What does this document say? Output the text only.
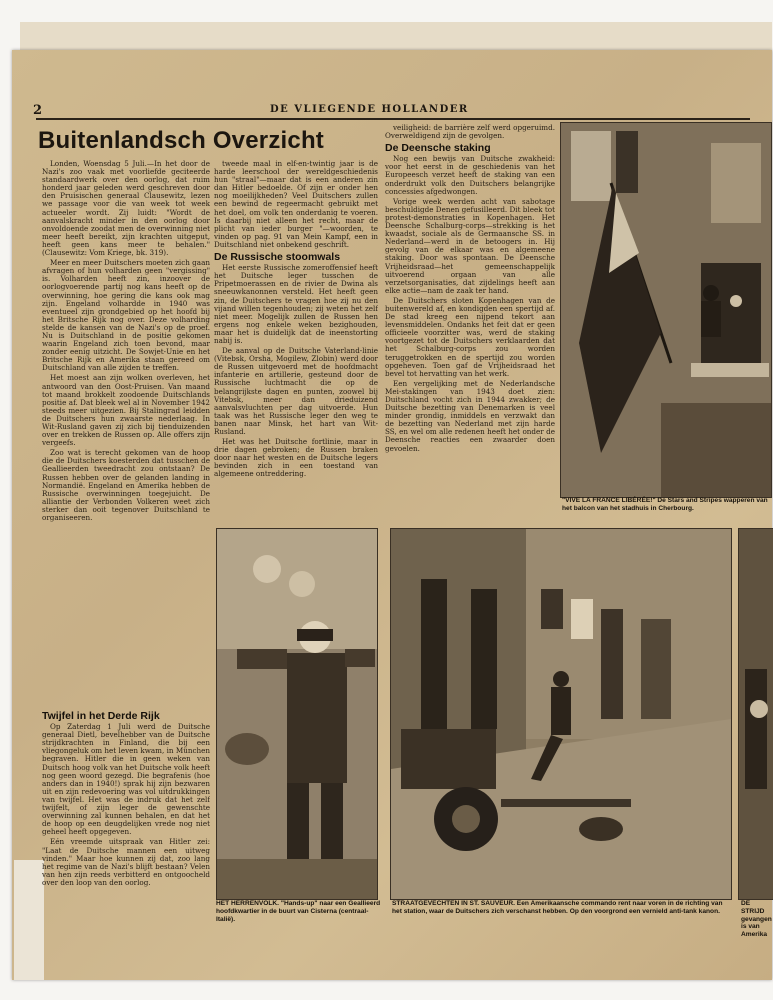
2	DE VLIEGENDE HOLLANDER
Buitenlandsch Overzicht

Londen, Woensdag 5 Juli.—In het door de Nazi's zoo vaak met voorliefde geciteerde standaardwerk over den oorlog, dat ruim honderd jaar geleden werd geschreven door den Pruisischen generaal Clausewitz, lezen we passage voor die van week tot week actueeler wordt. Zij luidt: "Wordt de aanvalskracht minder in den oorlog door onvoldoende zoodat men de overwinning niet meer heeft bereikt, zijn krachten uitgeput, heeft geen kans meer te behalen." (Clausewitz: Vom Kriege, bk. 319).

Meer en meer Duitschers moeten zich gaan afvragen of hun volharden geen "vergissing" is. Volharden heeft zin, inzoover de oorlogvoerende partij nog kans heeft op de overwinning, hoe gering die kans ook mag zijn. Engeland volhardde in 1940 was eventueel zijn grondgebied op het hoofd bij het Britsche Rijk nog over. Deze volharding stelde de kansen van de Nazi's op de proef. Nu is Duitschland in de positie gekomen waarin Engeland zich toen bevond, maar zonder eenig uitzicht. De Sowjet-Unie en het Britsche Rijk en Amerika staan gereed om Duitschland van alle zijden te treffen.

Het moest aan zijn wolken overleven, het antwoord van den Oost-Pruisen. Van maand tot maand brokkelt zoodoende Duitschlands positie af. Dat bleek wel al in November 1942 steeds meer uitgezien. Bij Stalingrad leidden de Duitschers hun zwaarste nederlaag. In Wit-Rusland gaven zij zich bij tienduizenden over en trekken de Russen op. Alle offers zijn vergeefs.

Zoo wat is terecht gekomen van de hoop die de Duitschers koesterden dat tusschen de Geallieerden tweedracht zou ontstaan? De Russen hebben over de gelanden landing in Normandië. Engeland en Amerika hebben de Russische overwinningen toegejuicht. De alliantie der Verbonden Volkeren weet zich sterker dan ooit tegenover Duitschland te organiseeren.

Twijfel in het Derde Rijk

Op Zaterdag 1 Juli werd de Duitsche generaal Dietl, bevelhebber van de Duitsche strijdkrachten in Finland, die bij een vliegongeluk om het leven kwam, in München begraven. Hitler die in geen weken van Duitsch hoog volk van het Duitsche volk heeft nog geen woord gezegd. Die begrafenis (hoe anders dan in 1940!) sprak hij zijn bezwaren uit en zijn redevoering was vol uitdrukkingen van twijfel. Het was de indruk dat het zelf twijfelt, of zijn leger de gewenschte overwinning zal kunnen behalen, en dat het de hoop op een deugdelijken vrede nog niet geheel heeft opgegeven.

Eén vreemde uitspraak van Hitler zei: "Laat de Duitsche mannen een uitweg vinden." Maar hoe kunnen zij dat, zoo lang het regime van de Nazi's blijft bestaan? Velen van hen zijn reeds verbitterd en ontgoocheld over den loop van den oorlog.

tweede maal in elf-en-twintig jaar is de harde leerschool der wereldgeschiedenis hun "straal"—maar dat is een anderen zin dan Hitler bedoelde. Of zijn er onder hen nog moeilijkheden? Veel Duitschers zullen een bewind de regeermacht gebruikt met het doel, om volk ten onderdanig te voeren. Is daarbij niet alleen het recht, maar de plicht van ieder burger "—woorden, te vinden op pag. 91 van Mein Kampf, een in Duitschland niet onbekend geschrift.

De Russische stoomwals

Het eerste Russische zomeroffensief heeft het Duitsche leger tusschen de Pripetmoerassen en de rivier de Dwina als sneeuwkanonnen versteld. Het heeft geen zin, de Duitschers te vragen hoe zij nu den vijand willen tegenhouden; zij weten het zelf niet meer. Mogelijk zullen de Russen hen ergens nog enkele weken bezighouden, maar het is duidelijk dat de ineenstorting nabij is.

De aanval op de Duitsche Vaterland-linie (Vitebsk, Orsha, Mogilew, Zlobin) werd door de Russen uitgevoerd met de hoofdmacht infanterie en artillerie, gesteund door de Russische luchtmacht die op de belangrijkste dagen en punten, zoowel bij Vitebsk, meer dan drieduizend aanvalsvluchten per dag uitvoerde. Hun taak was het Russische leger den weg te banen naar Minsk, het hart van Wit-Rusland.

Het was het Duitsche fortlinie, maar in drie dagen gebroken; de Russen braken door naar het westen en de Duitsche legers bevinden zich in een toestand van algemeene ontreddering.

veiligheid: de barrière zelf werd opgeruimd. Overweldigend zijn de gevolgen.

De Deensche staking

Nog een bewijs van Duitsche zwakheid: voor het eerst in de geschiedenis van het Europeesch verzet heeft de staking van een onderdrukt volk den Duitschers belangrijke concessies afgedwongen.

Vorige week werden acht van sabotage beschuldigde Denen gefusilleerd. Dit bleek tot protest-demonstraties in Kopenhagen. Het Deensche Schalburg-corps—strekking is het kwaadst, sociale als de Germaansche SS. in Nederland—werd in de betoogers in. Hij gevolg van de elkaar was en algemeene staking. Door was spontaan. De Deensche Vrijheidsraad—het gemeenschappelijk uitvoerend orgaan van alle verzetsorganisaties, dat zijdelings heeft aan elke actie—nam de zaak ter hand.

De Duitschers sloten Kopenhagen van de buitenwereld af, en kondigden een spertijd af. De stad kreeg een nijpend tekort aan levensmiddelen. Ondanks het feit dat er geen officieele voorzitter was, werd de staking voortgezet tot de Duitschers verklaarden dat het Schalburg-corps zou worden teruggetrokken en de spertijd zou worden opgeheven. Toen gaf de Vrijheidsraad het bevel tot hervatting van het werk.

Een vergelijking met de Nederlandsche Mei-stakingen van 1943 doet zien: Duitschland vocht zich in 1944 zwakker; de Duitsche bezetting van Denemarken is veel minder grondig, inmiddels en verzwakt dan de bezetting van Nederland met zijn harde SS, en wel om alle redenen heeft het onder de Deensche reacties een zwaarder doen gevoelen.

"VIVE LA FRANCE LIBÉRÉE!" De Stars and Stripes wapperen van het balcon van het stadhuis in Cherbourg.
HET HERRENVOLK. "Hands-up" naar een Geallieerd hoofdkwartier in de buurt van Cisterna (centraal-Italië).
STRAATGEVECHTEN IN ST. SAUVEUR. Een Amerikaansche commando rent naar voren in de richting van het station, waar de Duitschers zich verschanst hebben. Op den voorgrond een vernield anti-tank kanon.
DE STRIJD gevangen is van Amerika
